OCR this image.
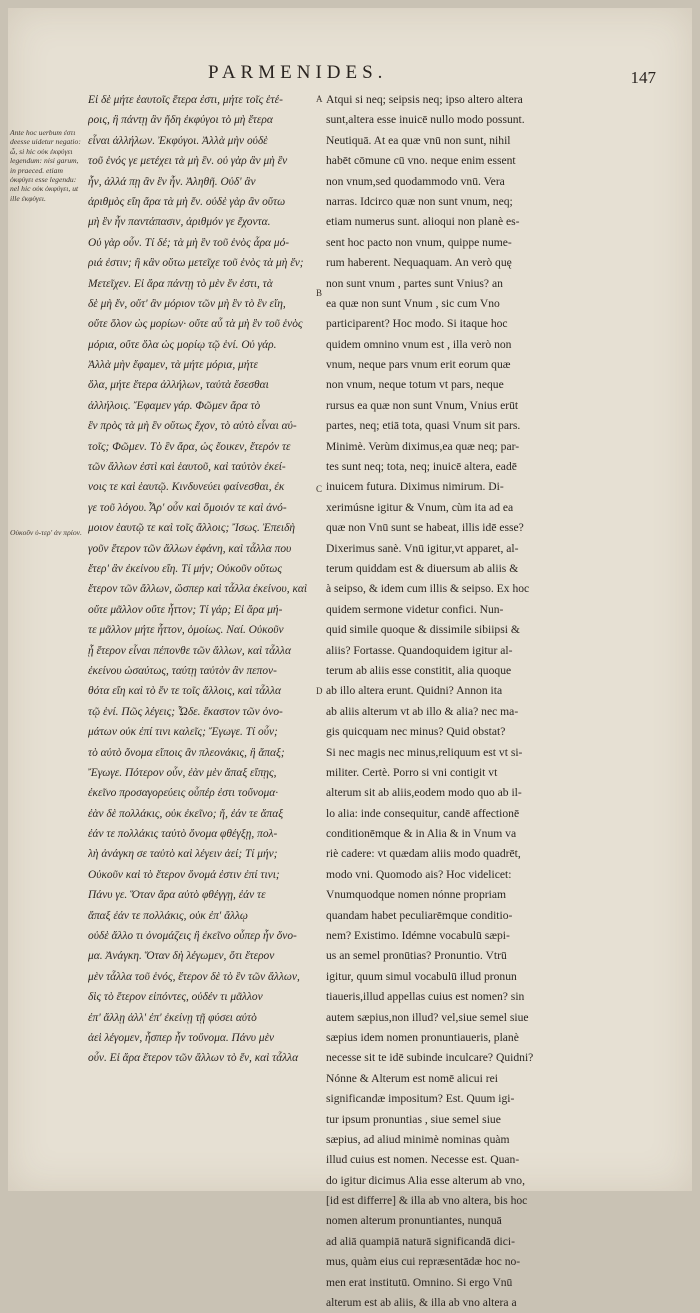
PARMENIDES.	147
Ante hoc uerbum ἐστι deesse uidetur negatio: ὦ, si hic οὐκ ἐκφύγει legendum: nisi garum, in praeced. etiam ὀκφύγει esse legendu: nel hic οὐκ ὀκφύγει, ut ille ἐκφύγει.
Οὐκοῦν ὑ-τερ' ἀν πρίον.
A
B
C
D
Εἰ δὲ μήτε ἑαυτοῖς ἕτερα ἐστι, μήτε τοῖς ἑτέ-
ροις, ἢ πάντῃ ἂν ἤδη ἐκφύγοι τὸ μὴ ἕτερα
εἶναι ἀλλήλων. Ἐκφύγοι. Ἀλλὰ μὴν οὐδὲ
τοῦ ἑνός γε μετέχει τὰ μὴ ἓν. οὐ γὰρ ἂν μὴ ἓν
ἦν, ἀλλά πῃ ἂν ἓν ἦν. Ἀληθῆ. Οὐδ' ἂν
ἀριθμὸς εἴη ἄρα τὰ μὴ ἕν. οὐδὲ γὰρ ἂν οὕτω
μὴ ἓν ἦν παντάπασιν, ἀριθμόν γε ἔχοντα.
Οὐ γὰρ οὖν. Τί δέ; τὰ μὴ ἓν τοῦ ἑνὸς ἆρα μό-
ριά ἐστιν; ἢ κἂν οὕτω μετεῖχε τοῦ ἑνὸς τὰ μὴ ἕν;
Μετεῖχεν. Εἰ ἄρα πάντῃ τὸ μὲν ἕν ἐστι, τὰ
δὲ μὴ ἕν, οὔτ' ἂν μόριον τῶν μὴ ἓν τὸ ἓν εἴη,
οὔτε ὅλον ὡς μορίων· οὔτε αὖ τὰ μὴ ἓν τοῦ ἑνὸς
μόρια, οὔτε ὅλα ὡς μορίῳ τῷ ἑνί. Οὐ γάρ.
Ἀλλὰ μὴν ἔφαμεν, τὰ μήτε μόρια, μήτε
ὅλα, μήτε ἕτερα ἀλλήλων, ταὐτὰ ἔσεσθαι
ἀλλήλοις. Ἔφαμεν γάρ. Φῶμεν ἄρα τὸ
ἓν πρὸς τὰ μὴ ἓν οὕτως ἔχον, τὸ αὐτὸ εἶναι αὐ-
τοῖς; Φῶμεν. Τὸ ἓν ἄρα, ὡς ἔοικεν, ἕτερόν τε
τῶν ἄλλων ἐστὶ καὶ ἑαυτοῦ, καὶ ταὐτὸν ἐκεί-
νοις τε καὶ ἑαυτῷ. Κινδυνεύει φαίνεσθαι, ἐκ
γε τοῦ λόγου. Ἆρ' οὖν καὶ ὅμοιόν τε καὶ ἀνό-
μοιον ἑαυτῷ τε καὶ τοῖς ἄλλοις; Ἴσως. Ἐπειδὴ
γοῦν ἕτερον τῶν ἄλλων ἐφάνη, καὶ τἆλλα που
ἕτερ' ἂν ἐκείνου εἴη. Τί μήν; Οὐκοῦν οὕτως
ἕτερον τῶν ἄλλων, ὥσπερ καὶ τἆλλα ἐκείνου, καὶ
οὔτε μᾶλλον οὔτε ἧττον; Τί γάρ; Εἰ ἄρα μή-
τε μᾶλλον μήτε ἧττον, ὁμοίως. Ναί. Οὐκοῦν
ᾗ ἕτερον εἶναι πέπονθε τῶν ἄλλων, καὶ τἆλλα
ἐκείνου ὡσαύτως, ταύτῃ ταὐτὸν ἂν πεπον-
θότα εἴη καὶ τὸ ἕν τε τοῖς ἄλλοις, καὶ τἆλλα
τῷ ἑνί. Πῶς λέγεις; Ὧδε. ἕκαστον τῶν ὀνο-
μάτων οὐκ ἐπί τινι καλεῖς; Ἔγωγε. Τί οὖν;
τὸ αὐτὸ ὄνομα εἴποις ἂν πλεονάκις, ἢ ἅπαξ;
Ἔγωγε. Πότερον οὖν, ἐὰν μὲν ἅπαξ εἴπῃς,
ἐκεῖνο προσαγορεύεις οὗπέρ ἐστι τοὔνομα·
ἐὰν δὲ πολλάκις, οὐκ ἐκεῖνο; ἤ, ἐάν τε ἅπαξ
ἐάν τε πολλάκις ταὐτὸ ὄνομα φθέγξῃ, πολ-
λὴ ἀνάγκη σε ταὐτὸ καὶ λέγειν ἀεί; Τί μήν;
Οὐκοῦν καὶ τὸ ἕτερον ὄνομά ἐστιν ἐπί τινι;
Πάνυ γε. Ὅταν ἄρα αὐτὸ φθέγγῃ, ἐάν τε
ἅπαξ ἐάν τε πολλάκις, οὐκ ἐπ' ἄλλῳ
οὐδὲ ἄλλο τι ὀνομάζεις ἢ ἐκεῖνο οὗπερ ἦν ὄνο-
μα. Ἀνάγκη. Ὅταν δὴ λέγωμεν, ὅτι ἕτερον
μὲν τἆλλα τοῦ ἑνός, ἕτερον δὲ τὸ ἓν τῶν ἄλλων,
δὶς τὸ ἕτερον εἰπόντες, οὐδέν τι μᾶλλον
ἐπ' ἄλλῃ ἀλλ' ἐπ' ἐκείνῃ τῇ φύσει αὐτὸ
ἀεὶ λέγομεν, ἧσπερ ἦν τοὔνομα. Πάνυ μὲν
οὖν. Εἰ ἄρα ἕτερον τῶν ἄλλων τὸ ἕν, καὶ τἆλλα
Atqui si neq; seipsis neq; ipso altero altera
sunt,altera esse inuicē nullo modo possunt.
Neutiquā. At ea quæ vnū non sunt, nihil
habēt cōmune cū vno. neque enim essent
non vnum,sed quodammodo vnū. Vera
narras. Idcirco quæ non sunt vnum, neq;
etiam numerus sunt. alioqui non planè es-
sent hoc pacto non vnum, quippe nume-
rum haberent. Nequaquam. An verò quę
non sunt vnum , partes sunt Vnius? an
ea quæ non sunt Vnum , sic cum Vno
participarent? Hoc modo. Si itaque hoc
quidem omnino vnum est , illa verò non
vnum, neque pars vnum erit eorum quæ
non vnum, neque totum vt pars, neque
rursus ea quæ non sunt Vnum, Vnius erūt
partes, neq; etiā tota, quasi Vnum sit pars.
Minimè. Verùm diximus,ea quæ neq; par-
tes sunt neq; tota, neq; inuicē altera, eadē
inuicem futura. Diximus nimirum. Di-
xerimúsne igitur & Vnum, cùm ita ad ea
quæ non Vnū sunt se habeat, illis idē esse?
Dixerimus sanè. Vnū igitur,vt apparet, al-
terum quiddam est & diuersum ab aliis &
à seipso, & idem cum illis & seipso. Ex hoc
quidem sermone videtur confici. Nun-
quid simile quoque & dissimile sibiipsi &
aliis? Fortasse. Quandoquidem igitur al-
terum ab aliis esse constitit, alia quoque
ab illo altera erunt. Quidni? Annon ita
ab aliis alterum vt ab illo & alia? nec ma-
gis quicquam nec minus? Quid obstat?
Si nec magis nec minus,reliquum est vt si-
militer. Certè. Porro si vni contigit vt
alterum sit ab aliis,eodem modo quo ab il-
lo alia: inde consequitur, candē affectionē
conditionēmque & in Alia & in Vnum va
riè cadere: vt quædam aliis modo quadrēt,
modo vni. Quomodo ais? Hoc videlicet:
Vnumquodque nomen nónne propriam
quandam habet peculiarēmque conditio-
nem? Existimo. Idémne vocabulū sæpi-
us an semel pronūtias? Pronuntio. Vtrū
igitur, quum simul vocabulū illud pronun
tiaueris,illud appellas cuius est nomen? sin
autem sæpius,non illud? vel,siue semel siue
sæpius idem nomen pronuntiaueris, planè
necesse sit te idē subinde inculcare? Quidni?
Nónne & Alterum est nomē alicui rei
significandæ impositum? Est. Quum igi-
tur ipsum pronuntias , siue semel siue
sæpius, ad aliud minimè nominas quàm
illud cuius est nomen. Necesse est. Quan-
do igitur dicimus Alia esse alterum ab vno,
[id est differre] & illa ab vno altera, bis hoc
nomen alterum pronuntiantes, nunquā
ad aliā quampiā naturā significandā dici-
mus, quàm eius cui repræsentādæ hoc no-
men erat institutū. Omnino. Si ergo Vnū
alterum est ab aliis, & illa ab vno altera a
